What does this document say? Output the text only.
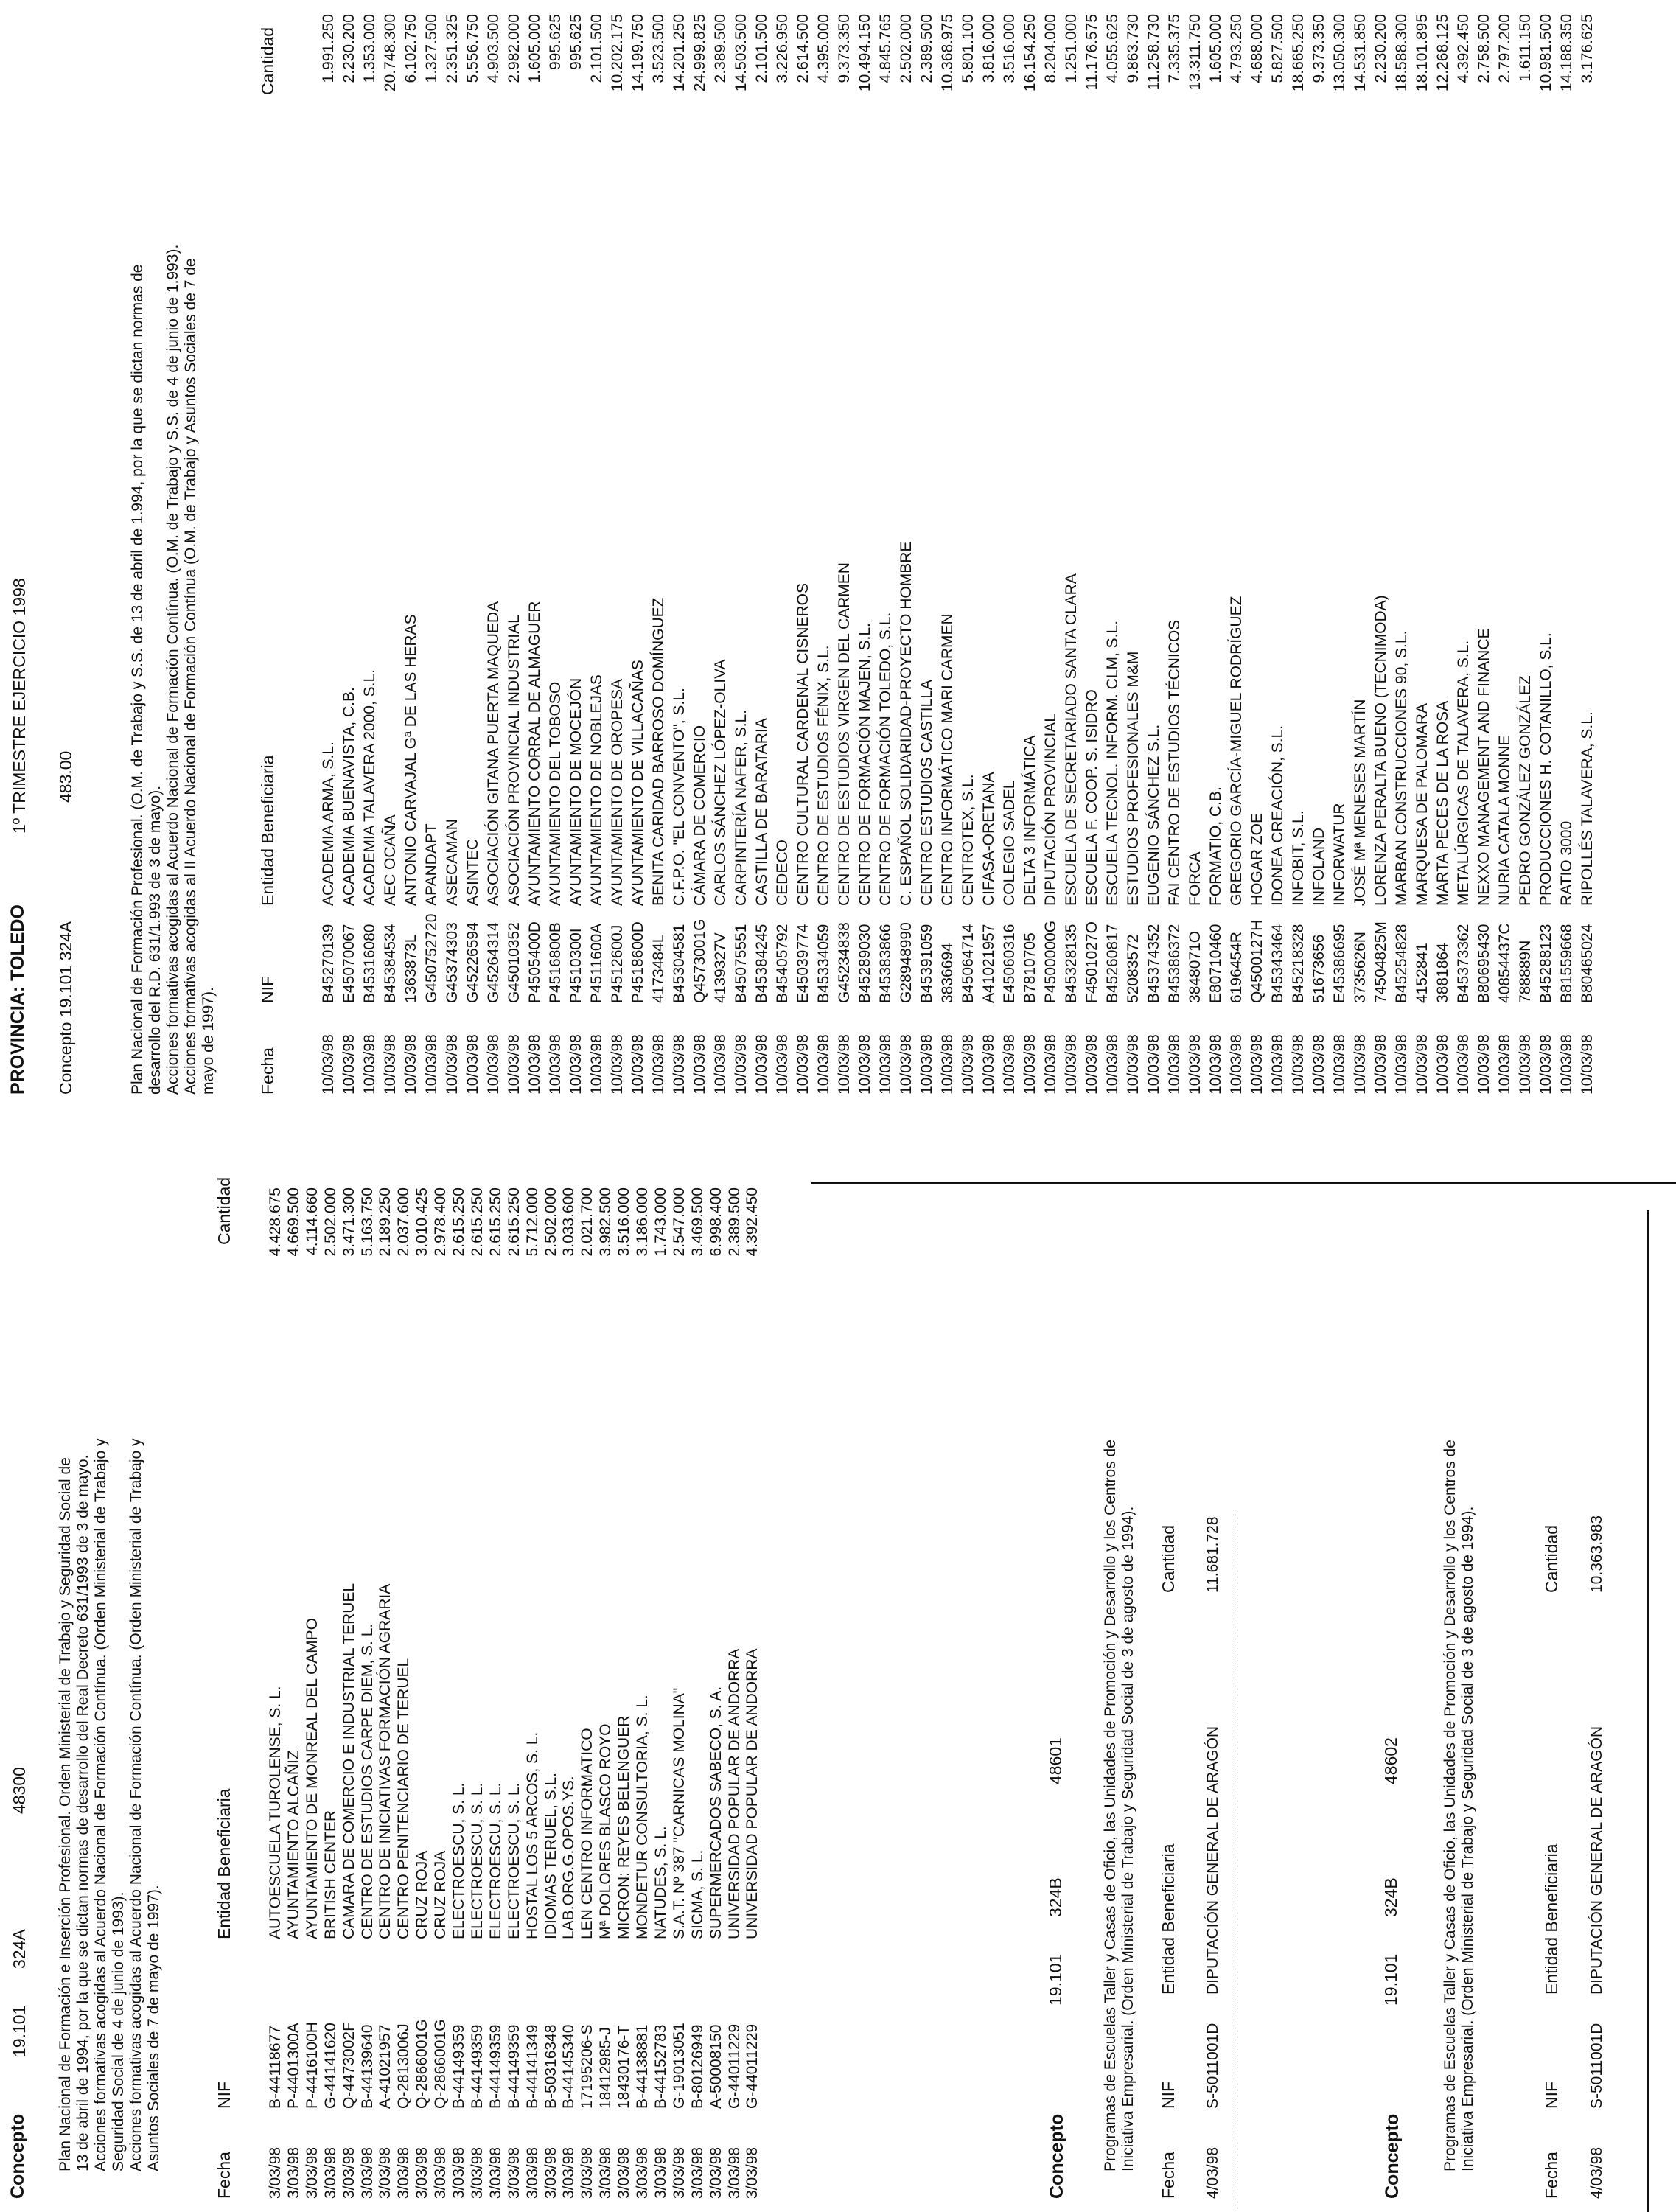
Concepto
19.101
324A
48300 Plan Nacional de Formación e Inserción Profesional. Orden Ministerial de Trabajo y Seguridad Social de 13 de abril de 1994, por la que se dictan normas de desarrollo del Real Decreto 631/1993 de 3 de mayo. Acciones formativas acogidas al Acuerdo Nacional de Formación Contínua. (Orden Ministerial de Trabajo y Seguridad Social de 4 de junio de 1993). Acciones formativas acogidas al Acuerdo Nacional de Formación Contínua. (Orden Ministerial de Trabajo y Asuntos Sociales de 7 de mayo de 1997).
Fecha
NIF
Entidad Beneficiaria
Cantidad
3/03/98
B-44118677
AUTOESCUELA TUROLENSE, S. L.
4.428.675
3/03/98
P-4401300A
AYUNTAMIENTO ALCAÑIZ
4.669.500
3/03/98
P-4416100H
AYUNTAMIENTO DE MONREAL DEL CAMPO
4.114.660
3/03/98
G-44141620
BRITISH CENTER
2.502.000
3/03/98
Q-4473002F
CAMARA DE COMERCIO E INDUSTRIAL TERUEL
3.471.300
3/03/98
B-44139640
CENTRO DE ESTUDIOS CARPE DIEM, S. L.
5.163.750
3/03/98
A-41021957
CENTRO DE INICIATIVAS FORMACIÓN AGRARIA
2.189.250
3/03/98
Q-2813006J
CENTRO PENITENCIARIO DE TERUEL
2.037.600
3/03/98
Q-2866001G
CRUZ ROJA
3.010.425
3/03/98
Q-2866001G
CRUZ ROJA
2.978.400
3/03/98
B-44149359
ELECTROESCU, S. L.
2.615.250
3/03/98
B-44149359
ELECTROESCU, S. L.
2.615.250
3/03/98
B-44149359
ELECTROESCU, S. L.
2.615.250
3/03/98
B-44149359
ELECTROESCU, S. L.
2.615.250
3/03/98
B-44141349
HOSTAL LOS 5 ARCOS, S. L.
5.712.000
3/03/98
B-50316348
IDIOMAS TERUEL, S.L.
2.502.000
3/03/98
B-44145340
LAB.ORG.G.OPOS.YS.
3.033.600
3/03/98
17195206-S
LEN CENTRO INFORMATICO
2.021.700
3/03/98
18412985-J
Mª DOLORES BLASCO ROYO
3.982.500
3/03/98
18430176-T
MICRON: REYES BELENGUER
3.516.000
3/03/98
B-44138881
MONDETUR CONSULTORIA, S. L.
3.186.000
3/03/98
B-44152783
NATUDES, S. L.
1.743.000
3/03/98
G-19013051
S.A.T. Nº 387 "CARNICAS MOLINA"
2.547.000
3/03/98
B-80126949
SICMA, S. L.
3.469.500
3/03/98
A-50008150
SUPERMERCADOS SABECO, S. A.
6.998.400
3/03/98
G-44011229
UNIVERSIDAD POPULAR DE ANDORRA
2.389.500
3/03/98
G-44011229
UNIVERSIDAD POPULAR DE ANDORRA
4.392.450
Concepto
19.101
324B
48601 Programas de Escuelas Taller y Casas de Oficio, las Unidades de Promoción y Desarrollo y los Centros de Iniciativa Empresarial. (Orden Ministerial de Trabajo y Seguridad Social de 3 de agosto de 1994).
Fecha
NIF
Entidad Beneficiaria
Cantidad
4/03/98
S-5011001D
DIPUTACIÓN GENERAL DE ARAGÓN
11.681.728
Concepto
19.101
324B
48602	Programas de Escuelas Taller y Casas de Oficio, las Unidades de Promoción y Desarrollo y los Centros de Iniciativa Empresarial. (Orden Ministerial de Trabajo y Seguridad Social de 3 de agosto de 1994).
Fecha
NIF
Entidad Beneficiaria
Cantidad
4/03/98
S-5011001D
DIPUTACIÓN GENERAL DE ARAGÓN
10.363.983
PROVINCIA: TOLEDO
1º TRIMESTRE EJERCICIO 1998
Concepto 19.101 324A
483.00	Plan Nacional de Formación Profesional. (O.M. de Trabajo y S.S. de 13 de abril de 1.994, por la que se dictan normas de desarrollo del R.D. 631/1.993 de 3 de mayo). Acciones formativas acogidas al Acuerdo Nacional de Formación Contínua. (O.M. de Trabajo y S.S. de 4 de junio de 1.993). Acciones formativas acogidas al II Acuerdo Nacional de Formación Contínua (O.M. de Trabajo y Asuntos Sociales de 7 de mayo de 1997). Fecha
NIF
Entidad Beneficiaria
Cantidad
10/03/98
B45270139
ACADEMIA ARMA, S.L.
1.991.250
10/03/98
E45070067
ACADEMIA BUENAVISTA, C.B.
2.230.200
10/03/98
B45316080
ACADEMIA TALAVERA 2000, S.L.
1.353.000
10/03/98
B45384534
AEC OCAÑA
20.748.300
10/03/98
1363873L
ANTONIO CARVAJAL Gª DE LAS HERAS
6.102.750
10/03/98
G450752720
APANDAPT
1.327.500
10/03/98
G45374303
ASECAMAN
2.351.325
10/03/98
G45226594
ASINTEC
5.556.750
10/03/98
G45264314
ASOCIACIÓN GITANA PUERTA MAQUEDA
4.903.500
10/03/98
G45010352
ASOCIACIÓN PROVINCIAL INDUSTRIAL
2.982.000
10/03/98
P4505400D
AYUNTAMIENTO CORRAL DE ALMAGUER
1.605.000
10/03/98
P4516800B
AYUNTAMIENTO DEL TOBOSO
995.625
10/03/98
P4510300I
AYUNTAMIENTO DE MOCEJÓN
995.625
10/03/98
P4511600A
AYUNTAMIENTO DE NOBLEJAS
2.101.500
10/03/98
P4512600J
AYUNTAMIENTO DE OROPESA
10.202.175
10/03/98
P4518600D
AYUNTAMIENTO DE VILLACAÑAS
14.199.750
10/03/98
4173484L
BENITA CARIDAD BARROSO DOMÍNGUEZ
3.523.500
10/03/98
B45304581
C.F.P.O. "EL CONVENTO", S.L.
14.201.250
10/03/98
Q4573001G
CÁMARA DE COMERCIO
24.999.825
10/03/98
4139327V
CARLOS SÁNCHEZ LÓPEZ-OLIVA
2.389.500
10/03/98
B45075551
CARPINTERÍA NAFER, S.L.
14.503.500
10/03/98
B45384245
CASTILLA DE BARATARIA
2.101.500
10/03/98
B45405792
CEDECO
3.226.950
10/03/98
E45039774
CENTRO CULTURAL CARDENAL CISNEROS
2.614.500
10/03/98
B45334059
CENTRO DE ESTUDIOS FÉNIX, S.L.
4.395.000
10/03/98
G45234838
CENTRO DE ESTUDIOS VIRGEN DEL CARMEN
9.373.350
10/03/98
B45289030
CENTRO DE FORMACIÓN MAJEN, S.L.
10.494.150
10/03/98
B45383866
CENTRO DE FORMACIÓN TOLEDO, S.L.
4.845.765
10/03/98
G28948990
C. ESPAÑOL SOLIDARIDAD-PROYECTO HOMBRE
2.502.000
10/03/98
B45391059
CENTRO ESTUDIOS CASTILLA
2.389.500
10/03/98
3836694
CENTRO INFORMÁTICO MARI CARMEN
10.368.975
10/03/98
B45064714
CENTROTEX, S.L.
5.801.100
10/03/98
A41021957
CIFASA-ORETANA
3.816.000
10/03/98
E45060316
COLEGIO SADEL
3.516.000
10/03/98
B7810705
DELTA 3 INFORMÁTICA
16.154.250
10/03/98
P4500000G
DIPUTACIÓN PROVINCIAL
8.204.000
10/03/98
B45328135
ESCUELA DE SECRETARIADO SANTA CLARA
1.251.000
10/03/98
F4501027O
ESCUELA F. COOP. S. ISIDRO
11.176.575
10/03/98
B45260817
ESCUELA TECNOL. INFORM. CLM, S.L.
4.055.625
10/03/98
52083572
ESTUDIOS PROFESIONALES M&M
9.863.730
10/03/98
B45374352
EUGENIO SÁNCHEZ S.L.
11.258.730
10/03/98
B45386372
FAI CENTRO DE ESTUDIOS TÉCNICOS
7.335.375
10/03/98
3848071O
FORCA
13.311.750
10/03/98
E80710460
FORMATIO, C.B.
1.605.000
10/03/98
6196454R
GREGORIO GARCÍA-MIGUEL RODRÍGUEZ
4.793.250
10/03/98
Q4500127H
HOGAR ZOE
4.688.000
10/03/98
B45343464
IDONEA CREACIÓN, S.L.
5.827.500
10/03/98
B45218328
INFOBIT, S.L.
18.665.250
10/03/98
51673656
INFOLAND
9.373.350
10/03/98
E45386695
INFORWATUR
13.050.300
10/03/98
3735626N
JOSÉ Mª MENESES MARTÍN
14.531.850
10/03/98
74504825M
LORENZA PERALTA BUENO (TECNIMODA)
2.230.200
10/03/98
B45254828
MARBAN CONSTRUCCIONES 90, S.L.
18.588.300
10/03/98
4152841
MARQUESA DE PALOMARA
18.101.895
10/03/98
3881864
MARTA PECES DE LA ROSA
12.268.125
10/03/98
B45373362
METALÚRGICAS DE TALAVERA, S.L.
4.392.450
10/03/98
B80695430
NEXXO MANAGEMENT AND FINANCE
2.758.500
10/03/98
40854437C
NURIA CATALA MONNE
2.797.200
10/03/98
788889N
PEDRO GONZÁLEZ GONZÁLEZ
1.611.150
10/03/98
B45288123
PRODUCCIONES H. COTANILLO, S.L.
10.981.500
10/03/98
B81559668
RATIO 3000
14.188.350
10/03/98
B80465024
RIPOLLÉS TALAVERA, S.L.
3.176.625
